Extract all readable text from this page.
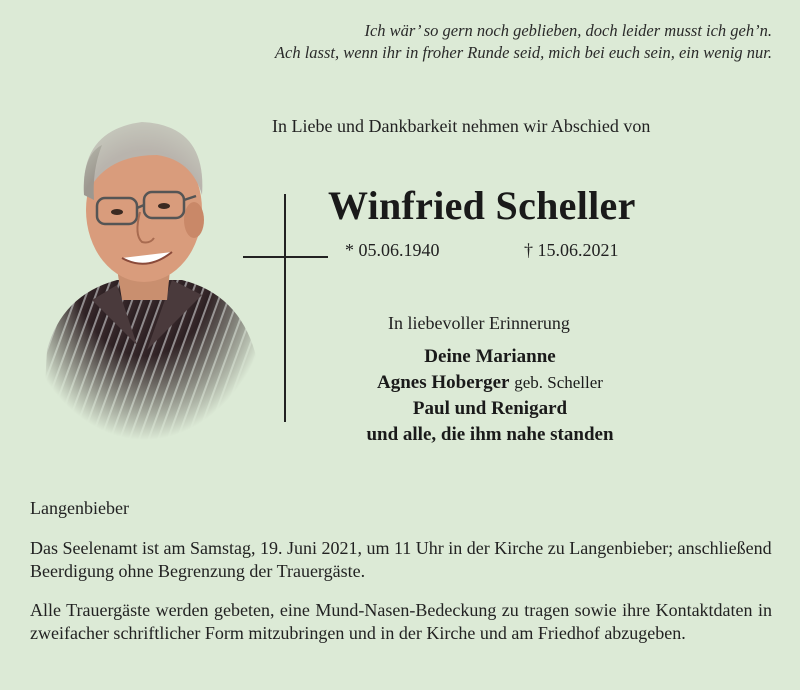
Ich wär’ so gern noch geblieben, doch leider musst ich geh’n.
Ach lasst, wenn ihr in froher Runde seid, mich bei euch sein, ein wenig nur.
In Liebe und Dankbarkeit nehmen wir Abschied von
Winfried Scheller
* 05.06.1940	† 15.06.2021
In liebevoller Erinnerung
Deine Marianne
Agnes Hoberger geb. Scheller
Paul und Renigard
und alle, die ihm nahe standen
Langenbieber
Das Seelenamt ist am Samstag, 19. Juni 2021, um 11 Uhr in der Kirche zu Langenbieber; anschließend Beerdigung ohne Begrenzung der Trauergäste.
Alle Trauergäste werden gebeten, eine Mund-Nasen-Bedeckung zu tragen sowie ihre Kontaktdaten in zweifacher schriftlicher Form mitzubringen und in der Kirche und am Friedhof abzugeben.
